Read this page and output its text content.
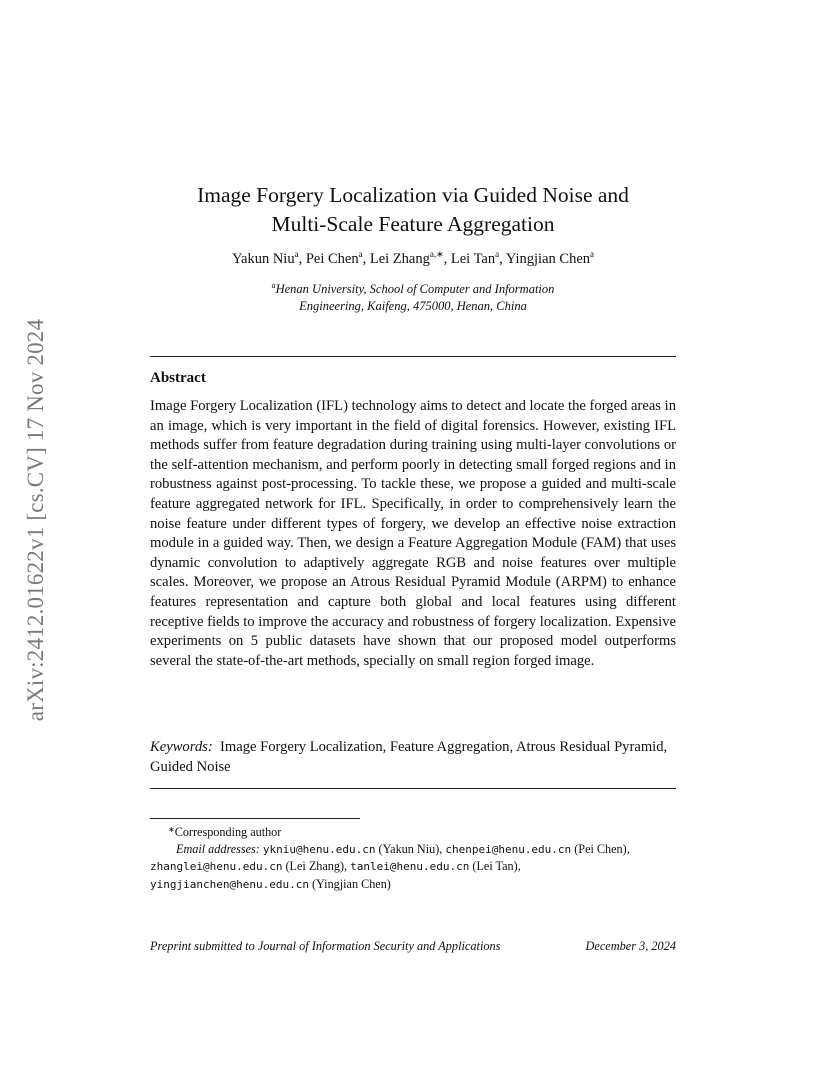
arXiv:2412.01622v1 [cs.CV] 17 Nov 2024
Image Forgery Localization via Guided Noise and
Multi-Scale Feature Aggregation
Yakun Niu$^a$, Pei Chen$^a$, Lei Zhang$^{a,∗}$, Lei Tan$^a$, Yingjian Chen$^a$
$^a$Henan University, School of Computer and Information
Engineering, Kaifeng, 475000, Henan, China
Abstract

Image Forgery Localization (IFL) technology aims to detect and locate the forged areas in an image, which is very important in the field of digital forensics. However, existing IFL methods suffer from feature degradation during training using multi-layer convolutions or the self-attention mechanism, and perform poorly in detecting small forged regions and in robustness against post-processing. To tackle these, we propose a guided and multi-scale feature aggregated network for IFL. Specifically, in order to comprehensively learn the noise feature under different types of forgery, we develop an effective noise extraction module in a guided way. Then, we design a Feature Aggregation Module (FAM) that uses dynamic convolution to adaptively aggregate RGB and noise features over multiple scales. Moreover, we propose an Atrous Residual Pyramid Module (ARPM) to enhance features representation and capture both global and local features using different receptive fields to improve the accuracy and robustness of forgery localization. Expensive experiments on 5 public datasets have shown that our proposed model outperforms several the state-of-the-art methods, specially on small region forged image.

Keywords: Image Forgery Localization, Feature Aggregation, Atrous Residual Pyramid, Guided Noise

∗Corresponding author
Email addresses: ykniu@henu.edu.cn (Yakun Niu), chenpei@henu.edu.cn (Pei Chen), zhanglei@henu.edu.cn (Lei Zhang), tanlei@henu.edu.cn (Lei Tan), yingjianchen@henu.edu.cn (Yingjian Chen)
Preprint submitted to Journal of Information Security and Applications	December 3, 2024
